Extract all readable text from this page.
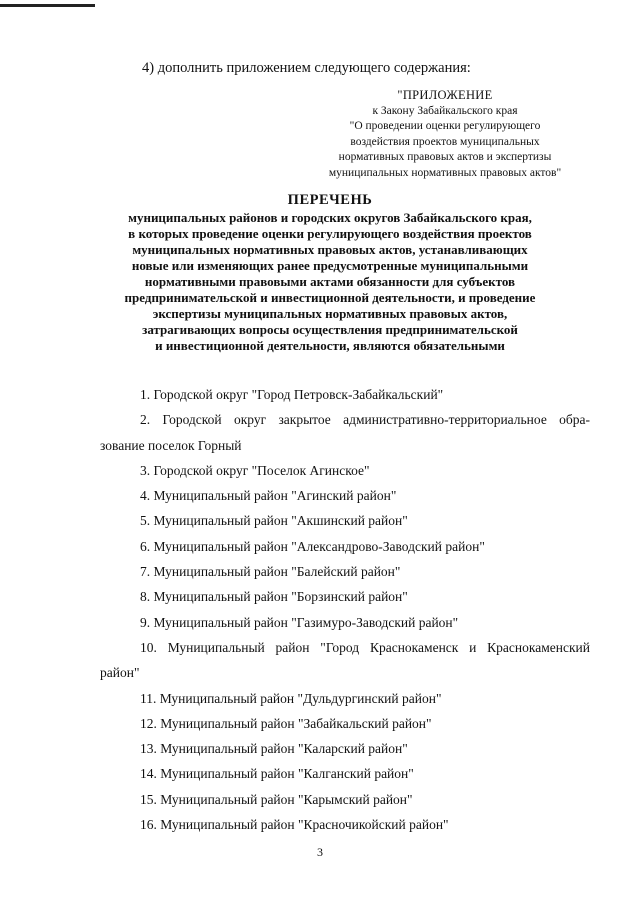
4) дополнить приложением следующего содержания:
"ПРИЛОЖЕНИЕ
к Закону Забайкальского края
"О проведении оценки регулирующего
воздействия проектов муниципальных
нормативных правовых актов и экспертизы
муниципальных нормативных правовых актов"
ПЕРЕЧЕНЬ
муниципальных районов и городских округов Забайкальского края,
в которых проведение оценки регулирующего воздействия проектов
муниципальных нормативных правовых актов, устанавливающих
новые или изменяющих ранее предусмотренные муниципальными
нормативными правовыми актами обязанности для субъектов
предпринимательской и инвестиционной деятельности, и проведение
экспертизы муниципальных нормативных правовых актов,
затрагивающих вопросы осуществления предпринимательской
и инвестиционной деятельности, являются обязательными
1. Городской округ "Город Петровск-Забайкальский"
2. Городской округ закрытое административно-территориальное обра-
зование поселок Горный
3. Городской округ "Поселок Агинское"
4. Муниципальный район "Агинский район"
5. Муниципальный район "Акшинский район"
6. Муниципальный район "Александрово-Заводский район"
7. Муниципальный район "Балейский район"
8. Муниципальный район "Борзинский район"
9. Муниципальный район "Газимуро-Заводский район"
10. Муниципальный район "Город Краснокаменск и Краснокаменский
район"
11. Муниципальный район "Дульдургинский район"
12. Муниципальный район "Забайкальский район"
13. Муниципальный район "Каларский район"
14. Муниципальный район "Калганский район"
15. Муниципальный район "Карымский район"
16. Муниципальный район "Красночикойский район"
3
